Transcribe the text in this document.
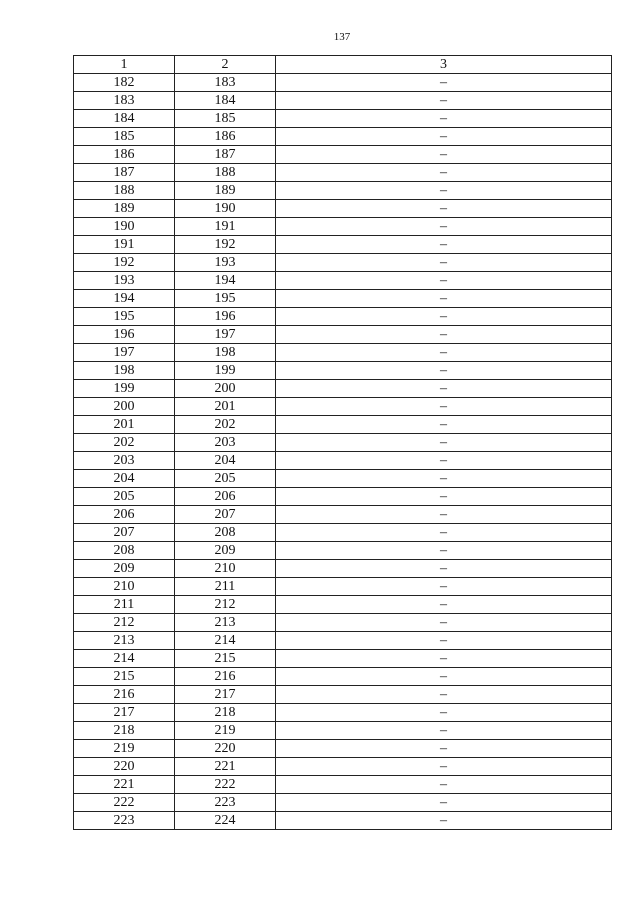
137
1	2	3
182	183	–
183	184	–
184	185	–
185	186	–
186	187	–
187	188	–
188	189	–
189	190	–
190	191	–
191	192	–
192	193	–
193	194	–
194	195	–
195	196	–
196	197	–
197	198	–
198	199	–
199	200	–
200	201	–
201	202	–
202	203	–
203	204	–
204	205	–
205	206	–
206	207	–
207	208	–
208	209	–
209	210	–
210	211	–
211	212	–
212	213	–
213	214	–
214	215	–
215	216	–
216	217	–
217	218	–
218	219	–
219	220	–
220	221	–
221	222	–
222	223	–
223	224	–
